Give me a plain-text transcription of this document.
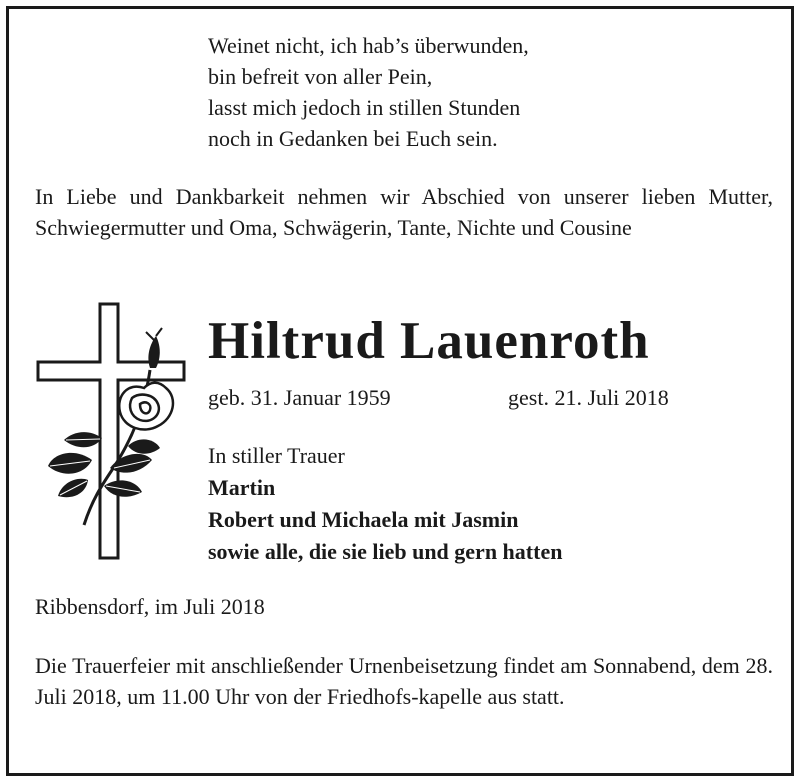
Weinet nicht, ich hab’s überwunden,
bin befreit von aller Pein,
lasst mich jedoch in stillen Stunden
noch in Gedanken bei Euch sein.
In Liebe und Dankbarkeit nehmen wir Abschied von unserer lieben Mutter, Schwiegermutter und Oma, Schwägerin, Tante, Nichte und Cousine
Hiltrud Lauenroth
geb. 31. Januar 1959	gest. 21. Juli 2018
In stiller Trauer
Martin
Robert und Michaela mit Jasmin
sowie alle, die sie lieb und gern hatten
Ribbensdorf, im Juli 2018
Die Trauerfeier mit anschließender Urnenbeisetzung findet am Sonnabend, dem 28. Juli 2018, um 11.00 Uhr von der Friedhofs-kapelle aus statt.
